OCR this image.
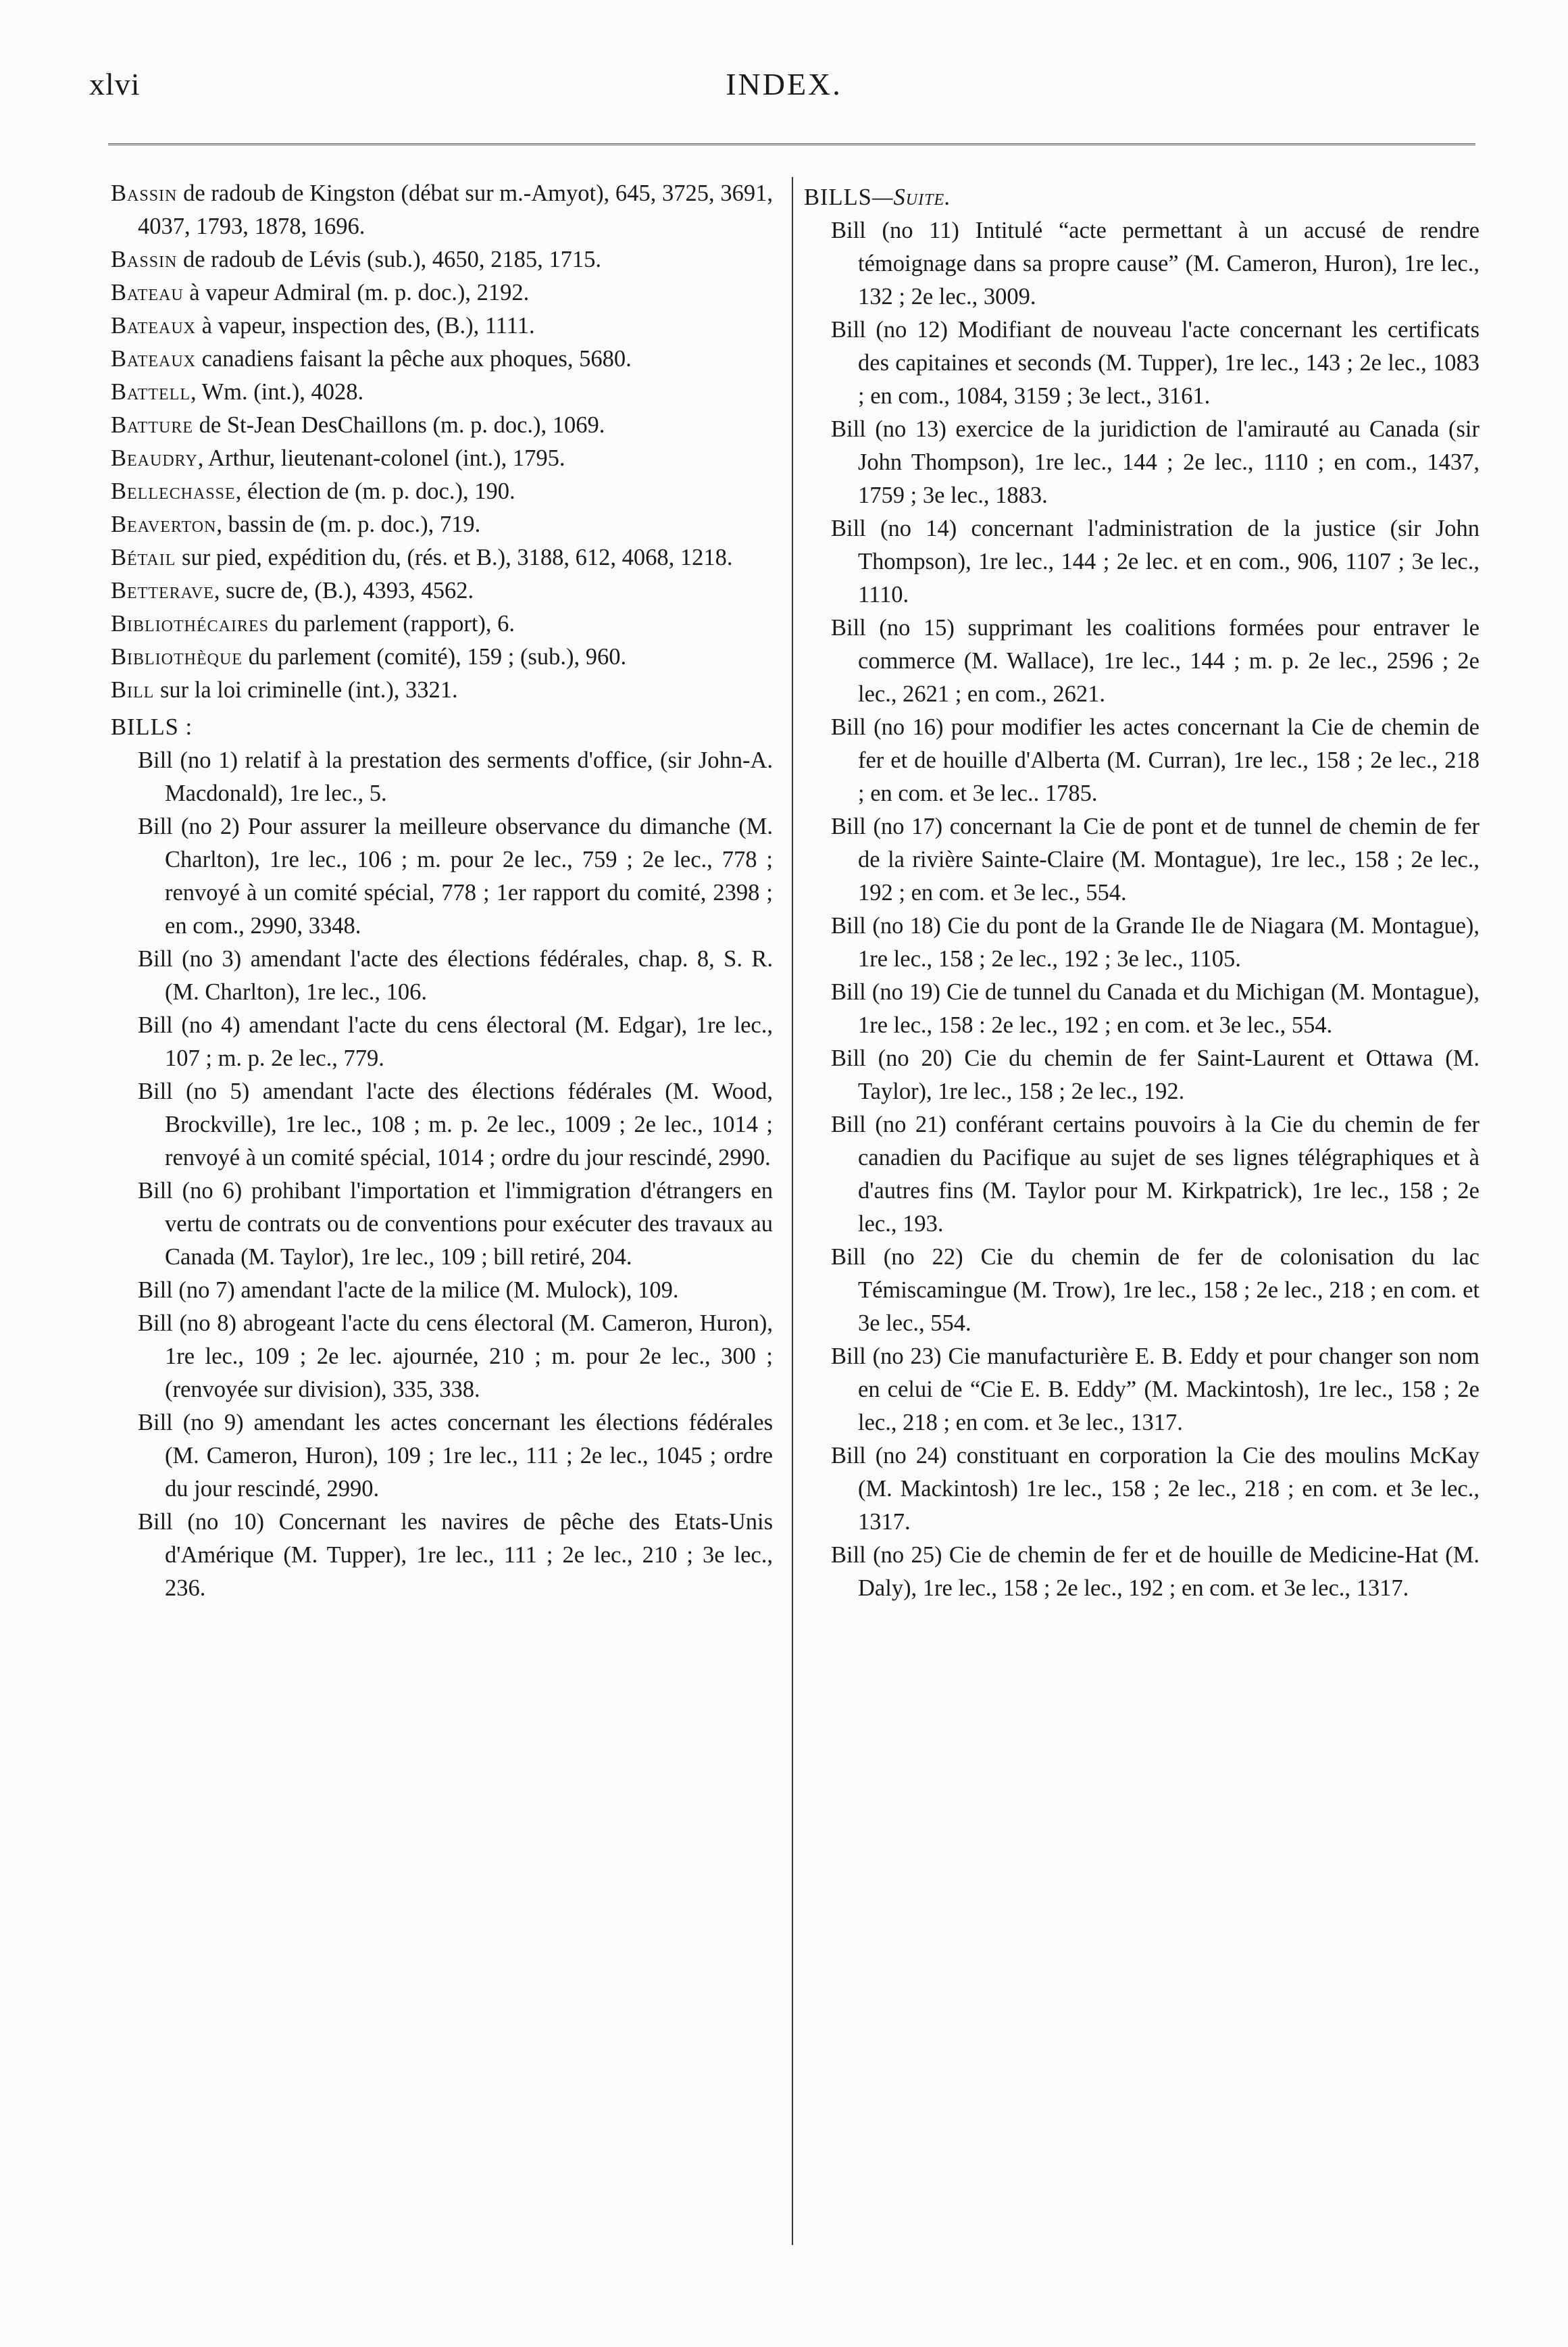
xlvi	INDEX.
Bassin de radoub de Kingston (débat sur m.-Amyot), 645, 3725, 3691, 4037, 1793, 1878, 1696.
Bassin de radoub de Lévis (sub.), 4650, 2185, 1715.
Bateau à vapeur Admiral (m. p. doc.), 2192.
Bateaux à vapeur, inspection des, (B.), 1111.
Bateaux canadiens faisant la pêche aux phoques, 5680.
Battell, Wm. (int.), 4028.
Batture de St-Jean DesChaillons (m. p. doc.), 1069.
Beaudry, Arthur, lieutenant-colonel (int.), 1795.
Bellechasse, élection de (m. p. doc.), 190.
Beaverton, bassin de (m. p. doc.), 719.
Bétail sur pied, expédition du, (rés. et B.), 3188, 612, 4068, 1218.
Betterave, sucre de, (B.), 4393, 4562.
Bibliothécaires du parlement (rapport), 6.
Bibliothèque du parlement (comité), 159 ; (sub.), 960.
Bill sur la loi criminelle (int.), 3321.
BILLS :
Bill (no 1) relatif à la prestation des serments d'office, (sir John-A. Macdonald), 1re lec., 5.
Bill (no 2) Pour assurer la meilleure observance du dimanche (M. Charlton), 1re lec., 106 ; m. pour 2e lec., 759 ; 2e lec., 778 ; renvoyé à un comité spécial, 778 ; 1er rapport du comité, 2398 ; en com., 2990, 3348.
Bill (no 3) amendant l'acte des élections fédérales, chap. 8, S. R. (M. Charlton), 1re lec., 106.
Bill (no 4) amendant l'acte du cens électoral (M. Edgar), 1re lec., 107 ; m. p. 2e lec., 779.
Bill (no 5) amendant l'acte des élections fédérales (M. Wood, Brockville), 1re lec., 108 ; m. p. 2e lec., 1009 ; 2e lec., 1014 ; renvoyé à un comité spécial, 1014 ; ordre du jour rescindé, 2990.
Bill (no 6) prohibant l'importation et l'immigration d'étrangers en vertu de contrats ou de conventions pour exécuter des travaux au Canada (M. Taylor), 1re lec., 109 ; bill retiré, 204.
Bill (no 7) amendant l'acte de la milice (M. Mulock), 109.
Bill (no 8) abrogeant l'acte du cens électoral (M. Cameron, Huron), 1re lec., 109 ; 2e lec. ajournée, 210 ; m. pour 2e lec., 300 ; (renvoyée sur division), 335, 338.
Bill (no 9) amendant les actes concernant les élections fédérales (M. Cameron, Huron), 109 ; 1re lec., 111 ; 2e lec., 1045 ; ordre du jour rescindé, 2990.
Bill (no 10) Concernant les navires de pêche des Etats-Unis d'Amérique (M. Tupper), 1re lec., 111 ; 2e lec., 210 ; 3e lec., 236.
BILLS—Suite.
Bill (no 11) Intitulé “acte permettant à un accusé de rendre témoignage dans sa propre cause” (M. Cameron, Huron), 1re lec., 132 ; 2e lec., 3009.
Bill (no 12) Modifiant de nouveau l'acte concernant les certificats des capitaines et seconds (M. Tupper), 1re lec., 143 ; 2e lec., 1083 ; en com., 1084, 3159 ; 3e lect., 3161.
Bill (no 13) exercice de la juridiction de l'amirauté au Canada (sir John Thompson), 1re lec., 144 ; 2e lec., 1110 ; en com., 1437, 1759 ; 3e lec., 1883.
Bill (no 14) concernant l'administration de la justice (sir John Thompson), 1re lec., 144 ; 2e lec. et en com., 906, 1107 ; 3e lec., 1110.
Bill (no 15) supprimant les coalitions formées pour entraver le commerce (M. Wallace), 1re lec., 144 ; m. p. 2e lec., 2596 ; 2e lec., 2621 ; en com., 2621.
Bill (no 16) pour modifier les actes concernant la Cie de chemin de fer et de houille d'Alberta (M. Curran), 1re lec., 158 ; 2e lec., 218 ; en com. et 3e lec.. 1785.
Bill (no 17) concernant la Cie de pont et de tunnel de chemin de fer de la rivière Sainte-Claire (M. Montague), 1re lec., 158 ; 2e lec., 192 ; en com. et 3e lec., 554.
Bill (no 18) Cie du pont de la Grande Ile de Niagara (M. Montague), 1re lec., 158 ; 2e lec., 192 ; 3e lec., 1105.
Bill (no 19) Cie de tunnel du Canada et du Michigan (M. Montague), 1re lec., 158 : 2e lec., 192 ; en com. et 3e lec., 554.
Bill (no 20) Cie du chemin de fer Saint-Laurent et Ottawa (M. Taylor), 1re lec., 158 ; 2e lec., 192.
Bill (no 21) conférant certains pouvoirs à la Cie du chemin de fer canadien du Pacifique au sujet de ses lignes télégraphiques et à d'autres fins (M. Taylor pour M. Kirkpatrick), 1re lec., 158 ; 2e lec., 193.
Bill (no 22) Cie du chemin de fer de colonisation du lac Témiscamingue (M. Trow), 1re lec., 158 ; 2e lec., 218 ; en com. et 3e lec., 554.
Bill (no 23) Cie manufacturière E. B. Eddy et pour changer son nom en celui de “Cie E. B. Eddy” (M. Mackintosh), 1re lec., 158 ; 2e lec., 218 ; en com. et 3e lec., 1317.
Bill (no 24) constituant en corporation la Cie des moulins McKay (M. Mackintosh) 1re lec., 158 ; 2e lec., 218 ; en com. et 3e lec., 1317.
Bill (no 25) Cie de chemin de fer et de houille de Medicine-Hat (M. Daly), 1re lec., 158 ; 2e lec., 192 ; en com. et 3e lec., 1317.
